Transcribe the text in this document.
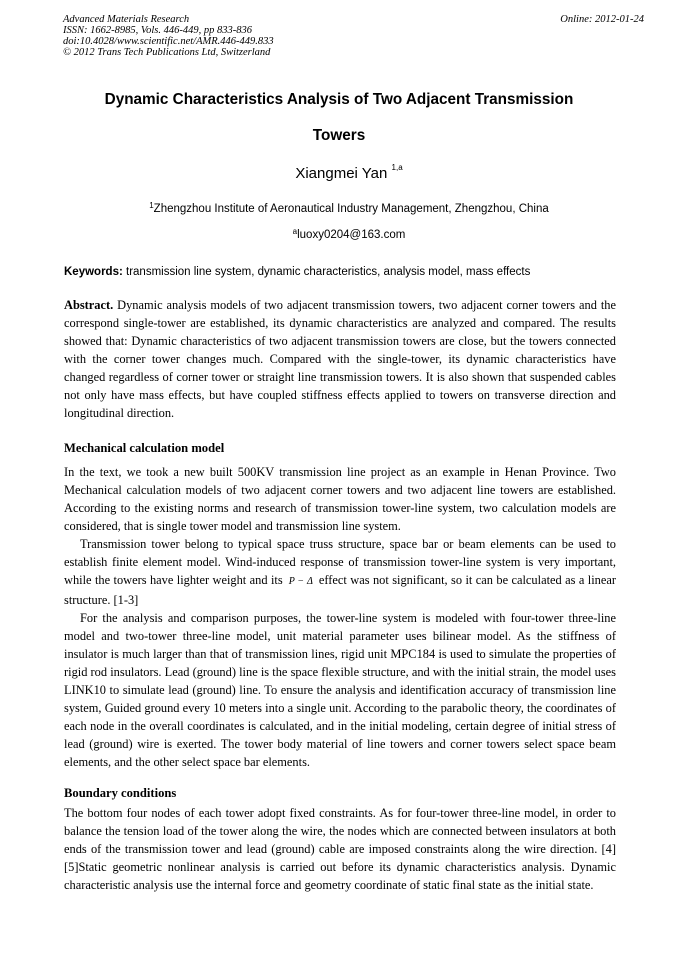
Advanced Materials Research
ISSN: 1662-8985, Vols. 446-449, pp 833-836
doi:10.4028/www.scientific.net/AMR.446-449.833
© 2012 Trans Tech Publications Ltd, Switzerland
Online: 2012-01-24
Dynamic Characteristics Analysis of Two Adjacent Transmission
Towers
Xiangmei Yan $^{1,a}$
$^1$Zhengzhou Institute of Aeronautical Industry Management, Zhengzhou, China
$^a$luoxy0204@163.com
Keywords: transmission line system, dynamic characteristics, analysis model, mass effects
Abstract. Dynamic analysis models of two adjacent transmission towers, two adjacent corner towers and the correspond single-tower are established, its dynamic characteristics are analyzed and compared. The results showed that: Dynamic characteristics of two adjacent transmission towers are close, but the towers connected with the corner tower changes much. Compared with the single-tower, its dynamic characteristics have changed regardless of corner tower or straight line transmission towers. It is also shown that suspended cables not only have mass effects, but have coupled stiffness effects applied to towers on transverse direction and longitudinal direction.
Mechanical calculation model
In the text, we took a new built 500KV transmission line project as an example in Henan Province. Two Mechanical calculation models of two adjacent corner towers and two adjacent line towers are established. According to the existing norms and research of transmission tower-line system, two calculation models are considered, that is single tower model and transmission line system.
Transmission tower belong to typical space truss structure, space bar or beam elements can be used to establish finite element model. Wind-induced response of transmission tower-line system is very important, while the towers have lighter weight and its P − Δ effect was not significant, so it can be calculated as a linear structure. [1-3]
For the analysis and comparison purposes, the tower-line system is modeled with four-tower three-line model and two-tower three-line model, unit material parameter uses bilinear model. As the stiffness of insulator is much larger than that of transmission lines, rigid unit MPC184 is used to simulate the properties of rigid rod insulators. Lead (ground) line is the space flexible structure, and with the initial strain, the model uses LINK10 to simulate lead (ground) line. To ensure the analysis and identification accuracy of transmission line system, Guided ground every 10 meters into a single unit. According to the parabolic theory, the coordinates of each node in the overall coordinates is calculated, and in the initial modeling, certain degree of initial stress of lead (ground) wire is exerted. The tower body material of line towers and corner towers select space beam elements, and the other select space bar elements.
Boundary conditions
The bottom four nodes of each tower adopt fixed constraints. As for four-tower three-line model, in order to balance the tension load of the tower along the wire, the nodes which are connected between insulators at both ends of the transmission tower and lead (ground) cable are imposed constraints along the wire direction. [4][5]Static geometric nonlinear analysis is carried out before its dynamic characteristics analysis. Dynamic characteristic analysis use the internal force and geometry coordinate of static final state as the initial state.
